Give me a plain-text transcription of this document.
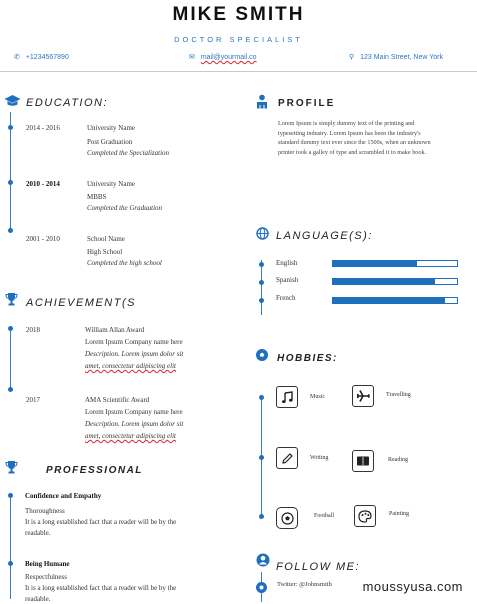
MIKE SMITH
DOCTOR SPECIALIST
✆ +1234567890	✉ mail@yourmail.co	⚲ 123 Main Street, New York
EDUCATION:
2014 - 2016	University Name
Post Graduation
Completed the Specialization
2010 - 2014	University Name
MBBS
Completed the Graduation
2001 - 2010	School Name
High School
Completed the high school
ACHIEVEMENT(S
2018	William Allan Award
Lorem Ipsum Company name here
Description. Lorem ipsum dolor sit
amet, consectetur adipiscing elit
2017	AMA Scientific Award
Lorem Ipsum Company name here
Description. Lorem ipsum dolor sit
amet, consectetur adipiscing elit
PROFESSIONAL
Confidence and Empathy
Thoroughness
It is a long established fact that a reader will be by the
readable.
Being Humane
Respectfulness
It is a long established fact that a reader will be by the
readable.
PROFILE
Lorem Ipsum is simply dummy text of the printing and
typesetting industry. Lorem Ipsum has been the industry's
standard dummy text ever since the 1500s, when an unknown
printer took a galley of type and scrambled it to make book.
LANGUAGE(S):
English
Spanish
French
HOBBIES:
Music	Travelling
Writing	Reading
Football	Painting
FOLLOW ME:
Twitter: @Johnsmith moussyusa.com
